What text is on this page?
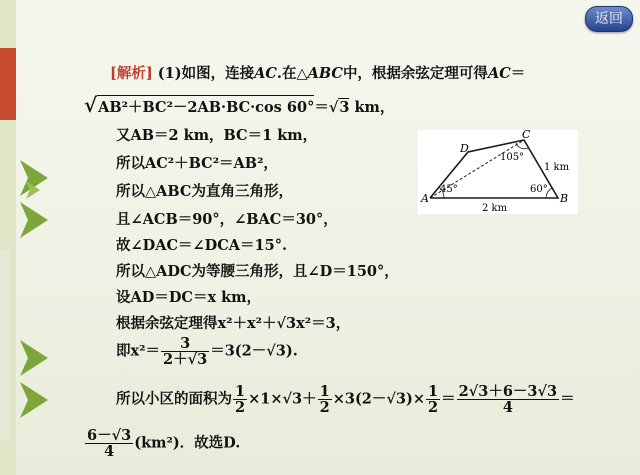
返回
[解析] (1)如图，连接AC.在△ABC中，根据余弦定理可得AC＝
√AB²＋BC²－2AB·BC·cos 60°＝√3 km，
又AB＝2 km，BC＝1 km，
所以AC²＋BC²＝AB²，
所以△ABC为直角三角形，
且∠ACB＝90°，∠BAC＝30°，
故∠DAC＝∠DCA＝15°.
所以△ADC为等腰三角形，且∠D＝150°，
设AD＝DC＝x km，
根据余弦定理得x²＋x²＋√3x²＝3，
即$x^2= \frac{3}{2+√3} =3(2-√3)$.
所以小区的面积为 $\frac{1}{2} \times 1\times√3+ \frac{1}{2} \times 3(2-√3)\times \frac{1}{2} = \frac{2√3+6-3√3}{4}$ ＝
$\frac{6-√3}{4} (km^2)$．故选D.
A	B
C
D
45°	60°
105°
2 km
1 km
